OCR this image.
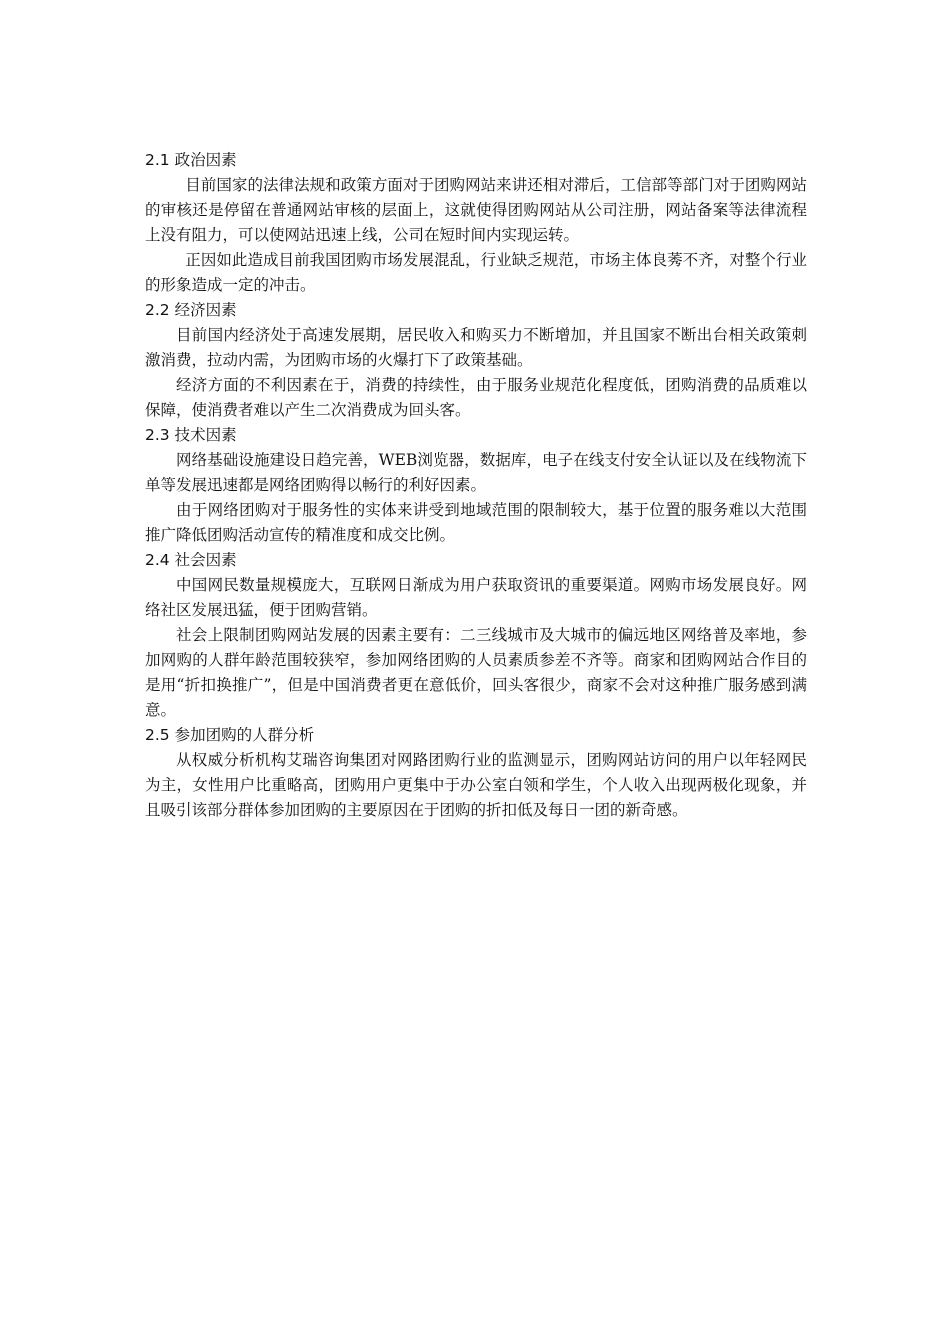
2.1 政治因素

目前国家的法律法规和政策方面对于团购网站来讲还相对滞后，工信部等部门对于团购网站的审核还是停留在普通网站审核的层面上，这就使得团购网站从公司注册，网站备案等法律流程上没有阻力，可以使网站迅速上线，公司在短时间内实现运转。

正因如此造成目前我国团购市场发展混乱，行业缺乏规范，市场主体良莠不齐，对整个行业的形象造成一定的冲击。

2.2 经济因素

目前国内经济处于高速发展期，居民收入和购买力不断增加，并且国家不断出台相关政策刺激消费，拉动内需，为团购市场的火爆打下了政策基础。

经济方面的不利因素在于，消费的持续性，由于服务业规范化程度低，团购消费的品质难以保障，使消费者难以产生二次消费成为回头客。

2.3 技术因素

网络基础设施建设日趋完善，WEB浏览器，数据库，电子在线支付安全认证以及在线物流下单等发展迅速都是网络团购得以畅行的利好因素。

由于网络团购对于服务性的实体来讲受到地域范围的限制较大，基于位置的服务难以大范围推广降低团购活动宣传的精准度和成交比例。

2.4 社会因素

中国网民数量规模庞大，互联网日渐成为用户获取资讯的重要渠道。网购市场发展良好。网络社区发展迅猛，便于团购营销。

社会上限制团购网站发展的因素主要有：二三线城市及大城市的偏远地区网络普及率地，参加网购的人群年龄范围较狭窄，参加网络团购的人员素质参差不齐等。商家和团购网站合作目的是用“折扣换推广”，但是中国消费者更在意低价，回头客很少，商家不会对这种推广服务感到满意。

2.5 参加团购的人群分析

从权威分析机构艾瑞咨询集团对网路团购行业的监测显示，团购网站访问的用户以年轻网民为主，女性用户比重略高，团购用户更集中于办公室白领和学生，个人收入出现两极化现象，并且吸引该部分群体参加团购的主要原因在于团购的折扣低及每日一团的新奇感。
